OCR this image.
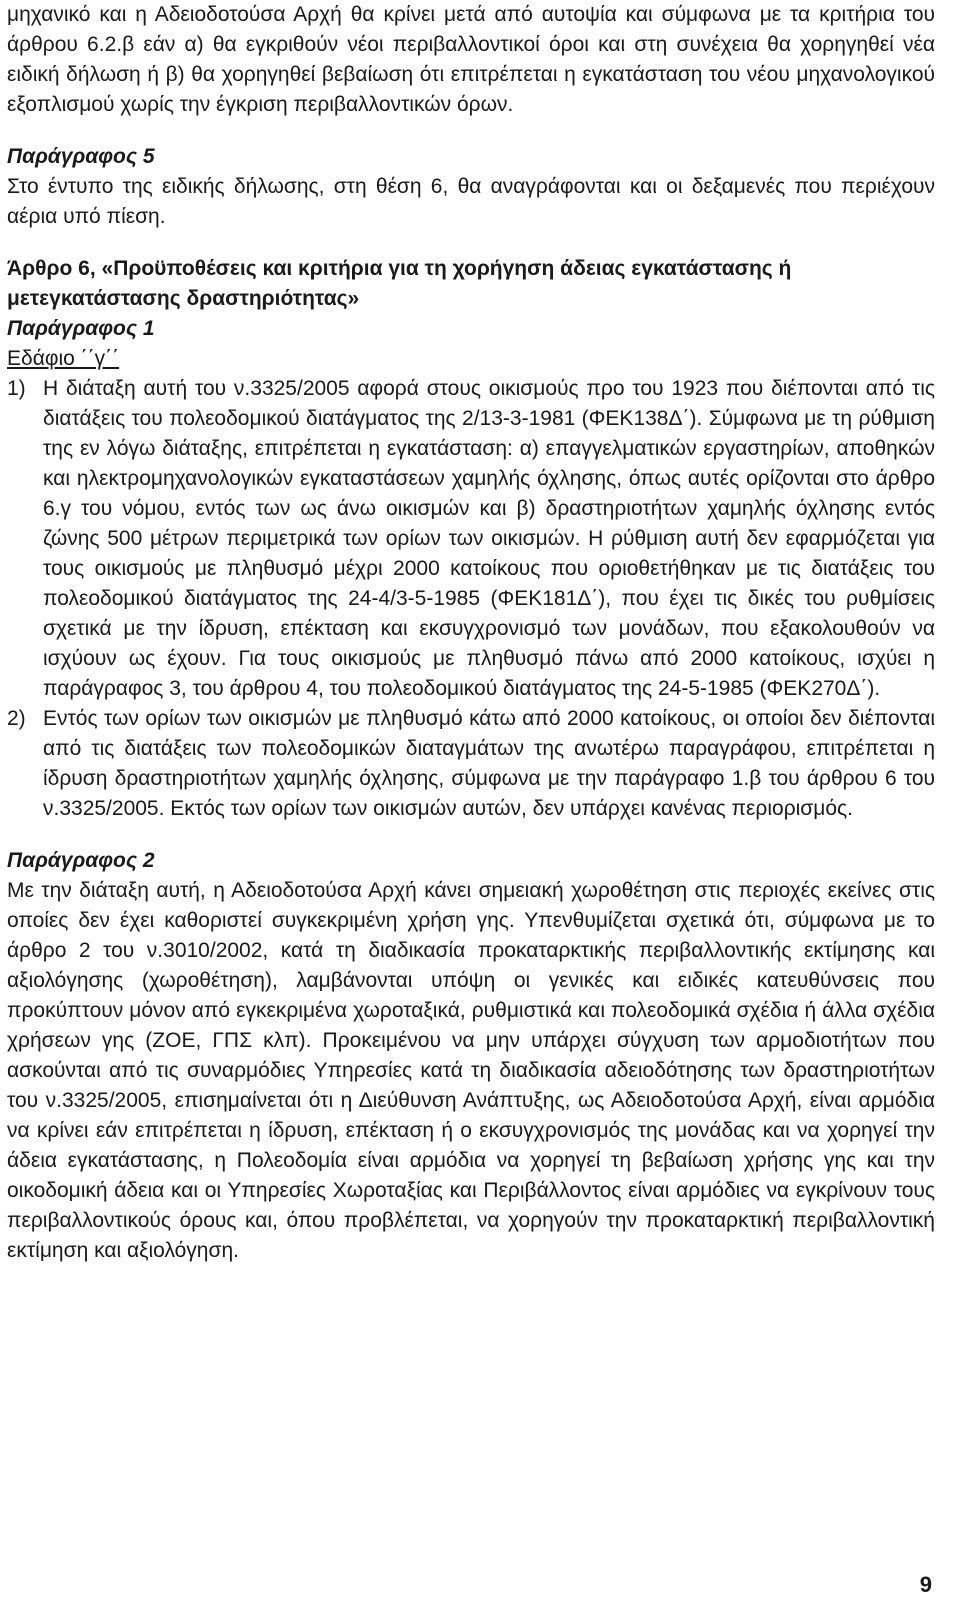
μηχανικό και η Αδειοδοτούσα Αρχή θα κρίνει μετά από αυτοψία και σύμφωνα με τα κριτήρια του άρθρου 6.2.β εάν α) θα εγκριθούν νέοι περιβαλλοντικοί όροι και στη συνέχεια θα χορηγηθεί νέα ειδική δήλωση ή β) θα χορηγηθεί βεβαίωση ότι επιτρέπεται η εγκατάσταση του νέου μηχανολογικού εξοπλισμού χωρίς την έγκριση περιβαλλοντικών όρων.

Παράγραφος 5

Στο έντυπο της ειδικής δήλωσης, στη θέση 6, θα αναγράφονται και οι δεξαμενές που περιέχουν αέρια υπό πίεση.

Άρθρο 6, «Προϋποθέσεις και κριτήρια για τη χορήγηση άδειας εγκατάστασης ή μετεγκατάστασης δραστηριότητας»

Παράγραφος 1

Εδάφιο ΄΄γ΄΄

1) Η διάταξη αυτή του ν.3325/2005 αφορά στους οικισμούς προ του 1923 που διέπονται από τις διατάξεις του πολεοδομικού διατάγματος της 2/13-3-1981 (ΦΕΚ138Δ΄). Σύμφωνα με τη ρύθμιση της εν λόγω διάταξης, επιτρέπεται η εγκατάσταση: α) επαγγελματικών εργαστηρίων, αποθηκών και ηλεκτρομηχανολογικών εγκαταστάσεων χαμηλής όχλησης, όπως αυτές ορίζονται στο άρθρο 6.γ του νόμου, εντός των ως άνω οικισμών και β) δραστηριοτήτων χαμηλής όχλησης εντός ζώνης 500 μέτρων περιμετρικά των ορίων των οικισμών. Η ρύθμιση αυτή δεν εφαρμόζεται για τους οικισμούς με πληθυσμό μέχρι 2000 κατοίκους που οριοθετήθηκαν με τις διατάξεις του πολεοδομικού διατάγματος της 24-4/3-5-1985 (ΦΕΚ181Δ΄), που έχει τις δικές του ρυθμίσεις σχετικά με την ίδρυση, επέκταση και εκσυγχρονισμό των μονάδων, που εξακολουθούν να ισχύουν ως έχουν. Για τους οικισμούς με πληθυσμό πάνω από 2000 κατοίκους, ισχύει η παράγραφος 3, του άρθρου 4, του πολεοδομικού διατάγματος της 24-5-1985 (ΦΕΚ270Δ΄).

2) Εντός των ορίων των οικισμών με πληθυσμό κάτω από 2000 κατοίκους, οι οποίοι δεν διέπονται από τις διατάξεις των πολεοδομικών διαταγμάτων της ανωτέρω παραγράφου, επιτρέπεται η ίδρυση δραστηριοτήτων χαμηλής όχλησης, σύμφωνα με την παράγραφο 1.β του άρθρου 6 του ν.3325/2005. Εκτός των ορίων των οικισμών αυτών, δεν υπάρχει κανένας περιορισμός.

Παράγραφος 2

Με την διάταξη αυτή, η Αδειοδοτούσα Αρχή κάνει σημειακή χωροθέτηση στις περιοχές εκείνες στις οποίες δεν έχει καθοριστεί συγκεκριμένη χρήση γης. Υπενθυμίζεται σχετικά ότι, σύμφωνα με το άρθρο 2 του ν.3010/2002, κατά τη διαδικασία προκαταρκτικής περιβαλλοντικής εκτίμησης και αξιολόγησης (χωροθέτηση), λαμβάνονται υπόψη οι γενικές και ειδικές κατευθύνσεις που προκύπτουν μόνον από εγκεκριμένα χωροταξικά, ρυθμιστικά και πολεοδομικά σχέδια ή άλλα σχέδια χρήσεων γης (ΖΟΕ, ΓΠΣ κλπ). Προκειμένου να μην υπάρχει σύγχυση των αρμοδιοτήτων που ασκούνται από τις συναρμόδιες Υπηρεσίες κατά τη διαδικασία αδειοδότησης των δραστηριοτήτων του ν.3325/2005, επισημαίνεται ότι η Διεύθυνση Ανάπτυξης, ως Αδειοδοτούσα Αρχή, είναι αρμόδια να κρίνει εάν επιτρέπεται η ίδρυση, επέκταση ή ο εκσυγχρονισμός της μονάδας και να χορηγεί την άδεια εγκατάστασης, η Πολεοδομία είναι αρμόδια να χορηγεί τη βεβαίωση χρήσης γης και την οικοδομική άδεια και οι Υπηρεσίες Χωροταξίας και Περιβάλλοντος είναι αρμόδιες να εγκρίνουν τους περιβαλλοντικούς όρους και, όπου προβλέπεται, να χορηγούν την προκαταρκτική περιβαλλοντική εκτίμηση και αξιολόγηση.

9
